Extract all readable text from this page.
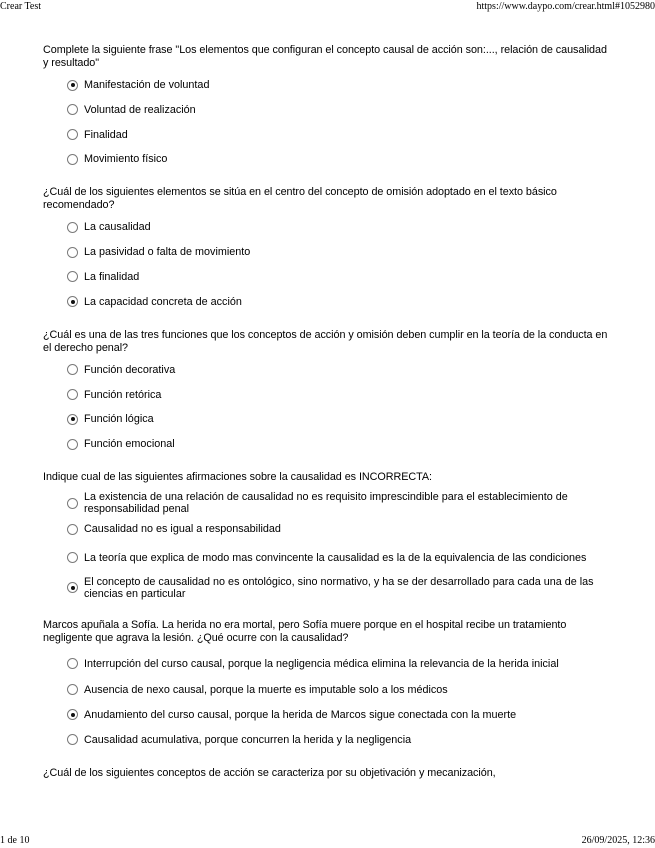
Crear Test	https://www.daypo.com/crear.html#1052980
Complete la siguiente frase "Los elementos que configuran el concepto causal de acción son:..., relación de causalidad y resultado"
Manifestación de voluntad
Voluntad de realización
Finalidad
Movimiento físico
¿Cuál de los siguientes elementos se sitúa en el centro del concepto de omisión adoptado en el texto básico recomendado?
La causalidad
La pasividad o falta de movimiento
La finalidad
La capacidad concreta de acción
¿Cuál es una de las tres funciones que los conceptos de acción y omisión deben cumplir en la teoría de la conducta en el derecho penal?
Función decorativa
Función retórica
Función lógica
Función emocional
Indique cual de las siguientes afirmaciones sobre la causalidad es INCORRECTA:
La existencia de una relación de causalidad no es requisito imprescindible para el establecimiento de responsabilidad penal
Causalidad no es igual a responsabilidad
La teoría que explica de modo mas convincente la causalidad es la de la equivalencia de las condiciones
El concepto de causalidad no es ontológico, sino normativo, y ha se der desarrollado para cada una de las ciencias en particular
Marcos apuñala a Sofía. La herida no era mortal, pero Sofía muere porque en el hospital recibe un tratamiento negligente que agrava la lesión. ¿Qué ocurre con la causalidad?
Interrupción del curso causal, porque la negligencia médica elimina la relevancia de la herida inicial
Ausencia de nexo causal, porque la muerte es imputable solo a los médicos
Anudamiento del curso causal, porque la herida de Marcos sigue conectada con la muerte
Causalidad acumulativa, porque concurren la herida y la negligencia
¿Cuál de los siguientes conceptos de acción se caracteriza por su objetivación y mecanización,
1 de 10	26/09/2025, 12:36
